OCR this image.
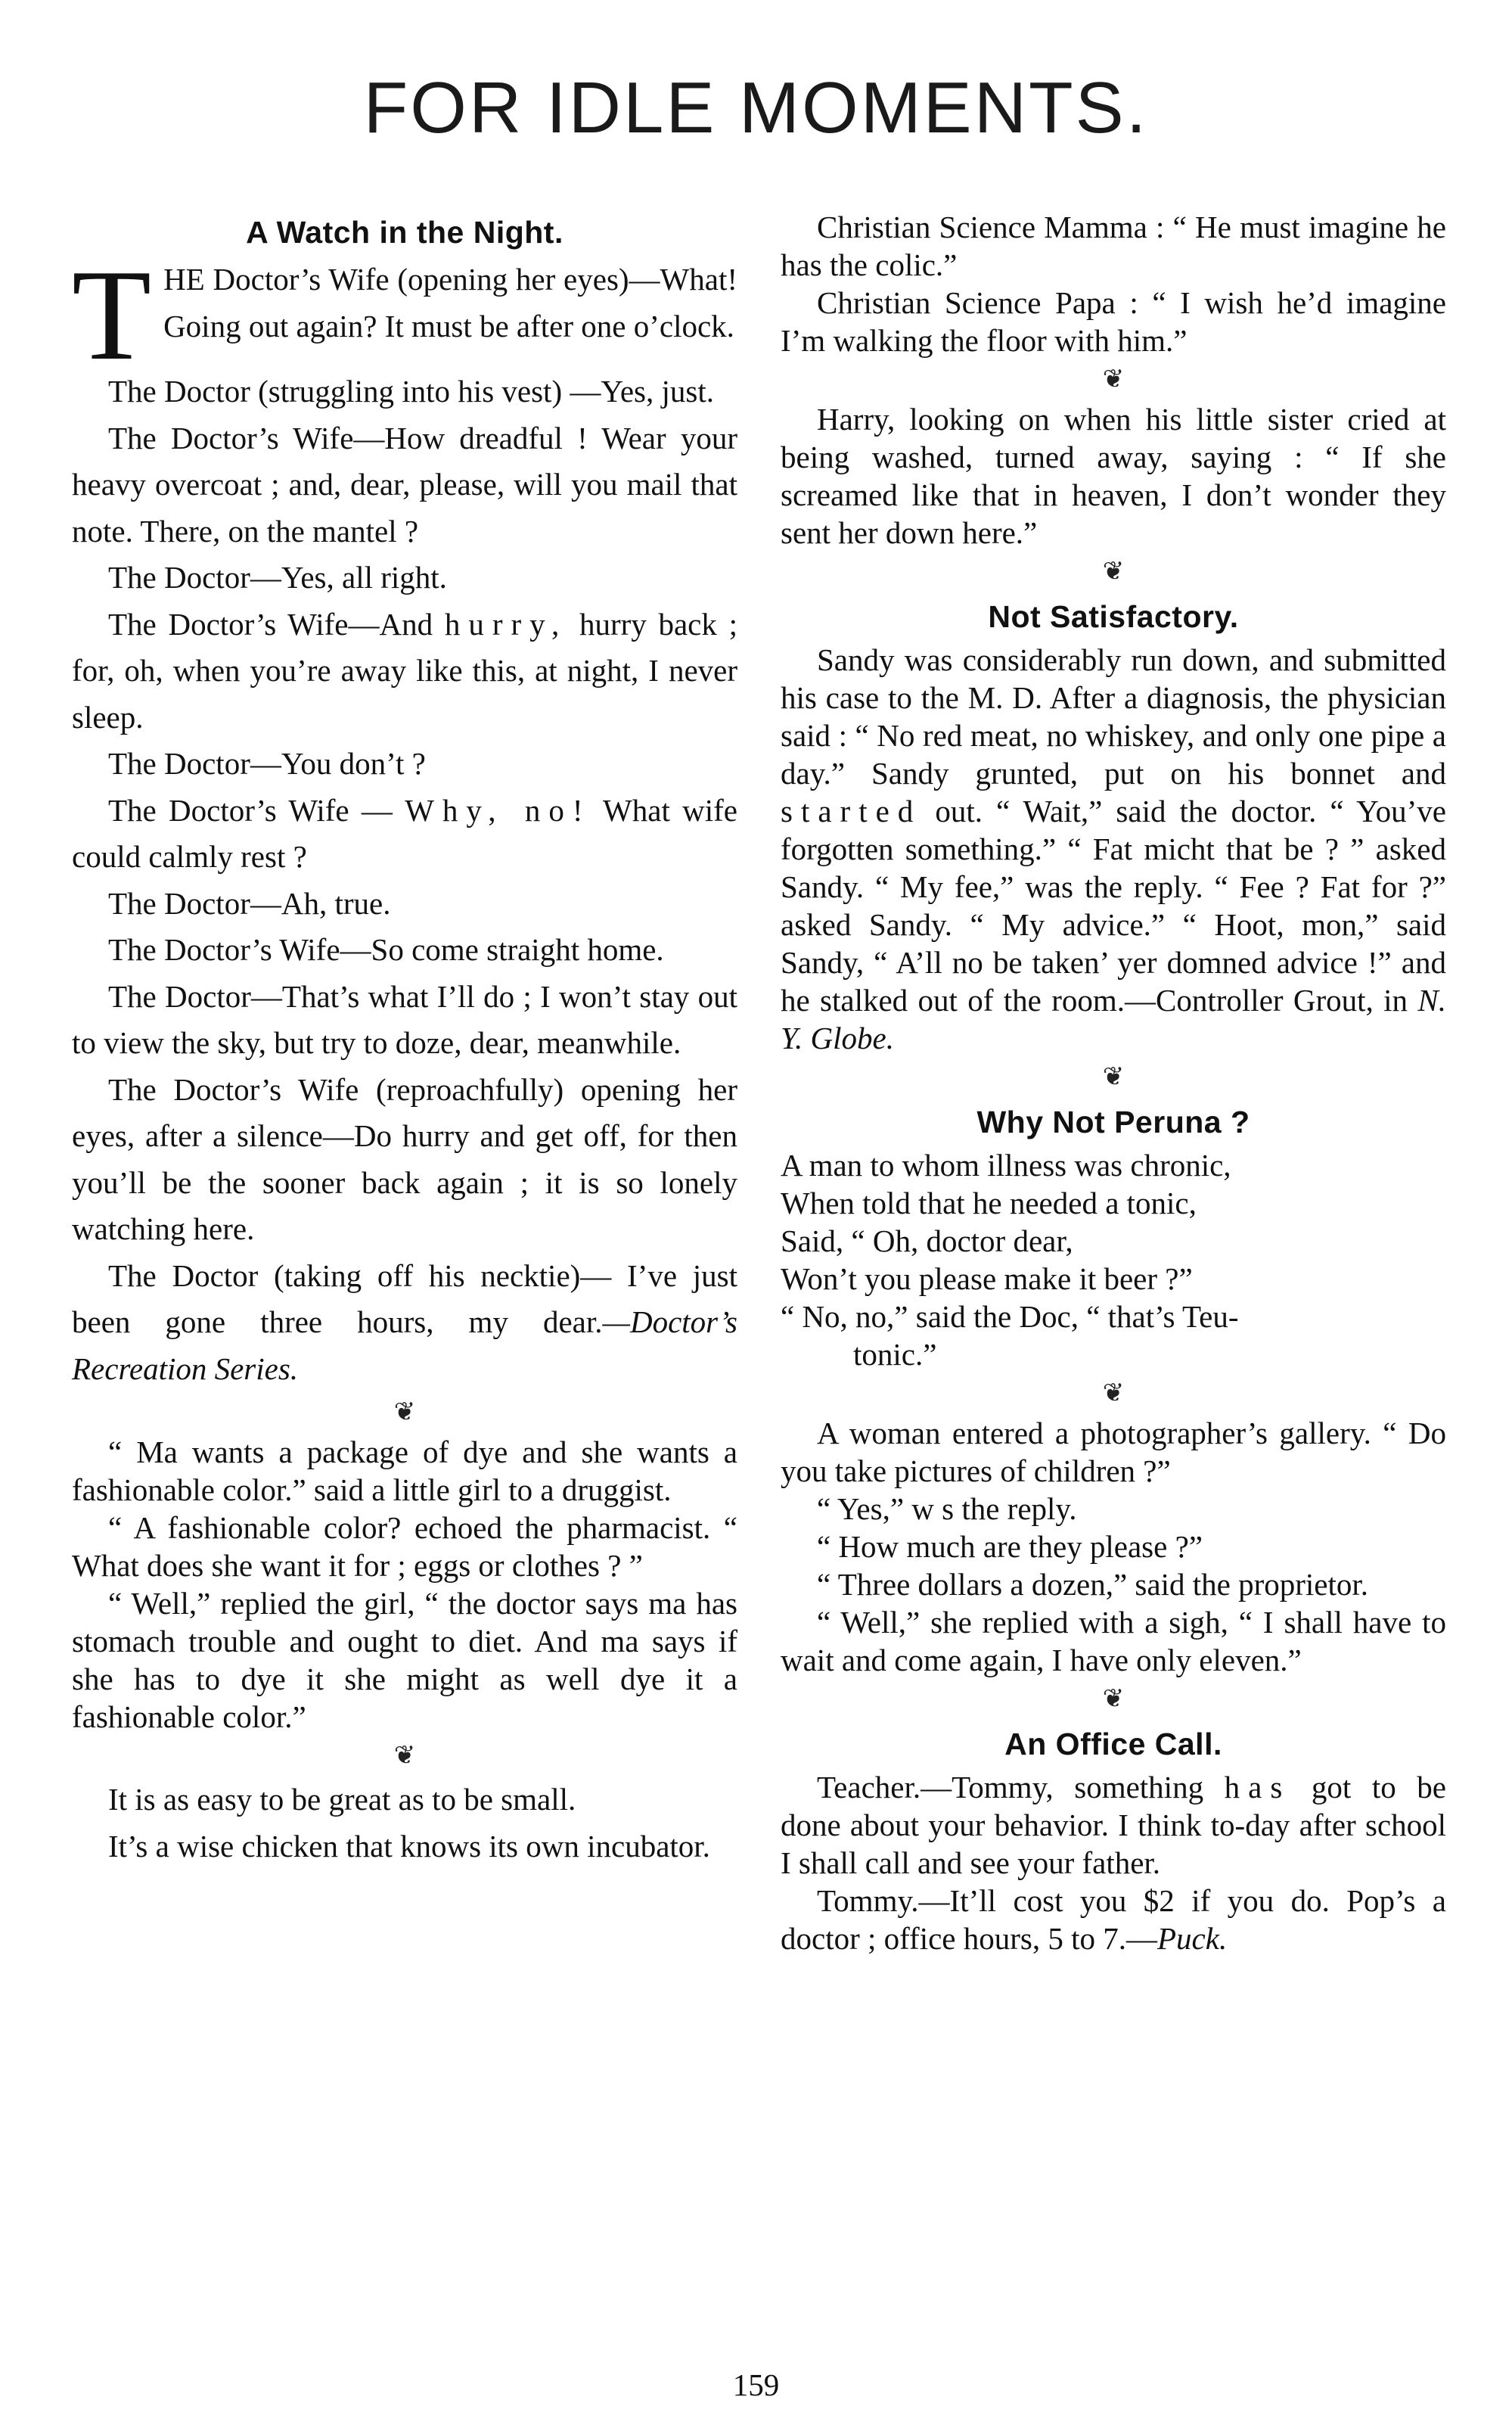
FOR IDLE MOMENTS.
A Watch in the Night.

THE Doctor’s Wife (opening her eyes)—What! Going out again? It must be after one o’clock.

The Doctor (struggling into his vest) —Yes, just.

The Doctor’s Wife—How dreadful ! Wear your heavy overcoat ; and, dear, please, will you mail that note. There, on the mantel ?

The Doctor—Yes, all right.

The Doctor’s Wife—And hurry, hurry back ; for, oh, when you’re away like this, at night, I never sleep.

The Doctor—You don’t ?

The Doctor’s Wife — Why, no! What wife could calmly rest ?

The Doctor—Ah, true.

The Doctor’s Wife—So come straight home.

The Doctor—That’s what I’ll do ; I won’t stay out to view the sky, but try to doze, dear, meanwhile.

The Doctor’s Wife (reproachfully) opening her eyes, after a silence—Do hurry and get off, for then you’ll be the sooner back again ; it is so lonely watching here.

The Doctor (taking off his necktie)— I’ve just been gone three hours, my dear.—Doctor’s Recreation Series.

❦

“ Ma wants a package of dye and she wants a fashionable color.” said a little girl to a druggist.

“ A fashionable color? echoed the pharmacist. “ What does she want it for ; eggs or clothes ? ”

“ Well,” replied the girl, “ the doctor says ma has stomach trouble and ought to diet. And ma says if she has to dye it she might as well dye it a fashionable color.”

❦

It is as easy to be great as to be small.

It’s a wise chicken that knows its own incubator.

Christian Science Mamma : “ He must imagine he has the colic.”

Christian Science Papa : “ I wish he’d imagine I’m walking the floor with him.”

❦

Harry, looking on when his little sister cried at being washed, turned away, saying : “ If she screamed like that in heaven, I don’t wonder they sent her down here.”

❦
Not Satisfactory.

Sandy was considerably run down, and submitted his case to the M. D. After a diagnosis, the physician said : “ No red meat, no whiskey, and only one pipe a day.” Sandy grunted, put on his bonnet and started out. “ Wait,” said the doctor. “ You’ve forgotten something.” “ Fat micht that be ? ” asked Sandy. “ My fee,” was the reply. “ Fee ? Fat for ?” asked Sandy. “ My advice.” “ Hoot, mon,” said Sandy, “ A’ll no be taken’ yer domned advice !” and he stalked out of the room.—Controller Grout, in N. Y. Globe.

❦
Why Not Peruna ?

A man to whom illness was chronic,

When told that he needed a tonic,

Said, “ Oh, doctor dear,

Won’t you please make it beer ?”

“ No, no,” said the Doc, “ that’s Teu-

tonic.”

❦

A woman entered a photographer’s gallery. “ Do you take pictures of children ?”

“ Yes,” w s the reply.

“ How much are they please ?”

“ Three dollars a dozen,” said the proprietor.

“ Well,” she replied with a sigh, “ I shall have to wait and come again, I have only eleven.”

❦
An Office Call.

Teacher.—Tommy, something has got to be done about your behavior. I think to-day after school I shall call and see your father.

Tommy.—It’ll cost you $2 if you do. Pop’s a doctor ; office hours, 5 to 7.—Puck.

159
